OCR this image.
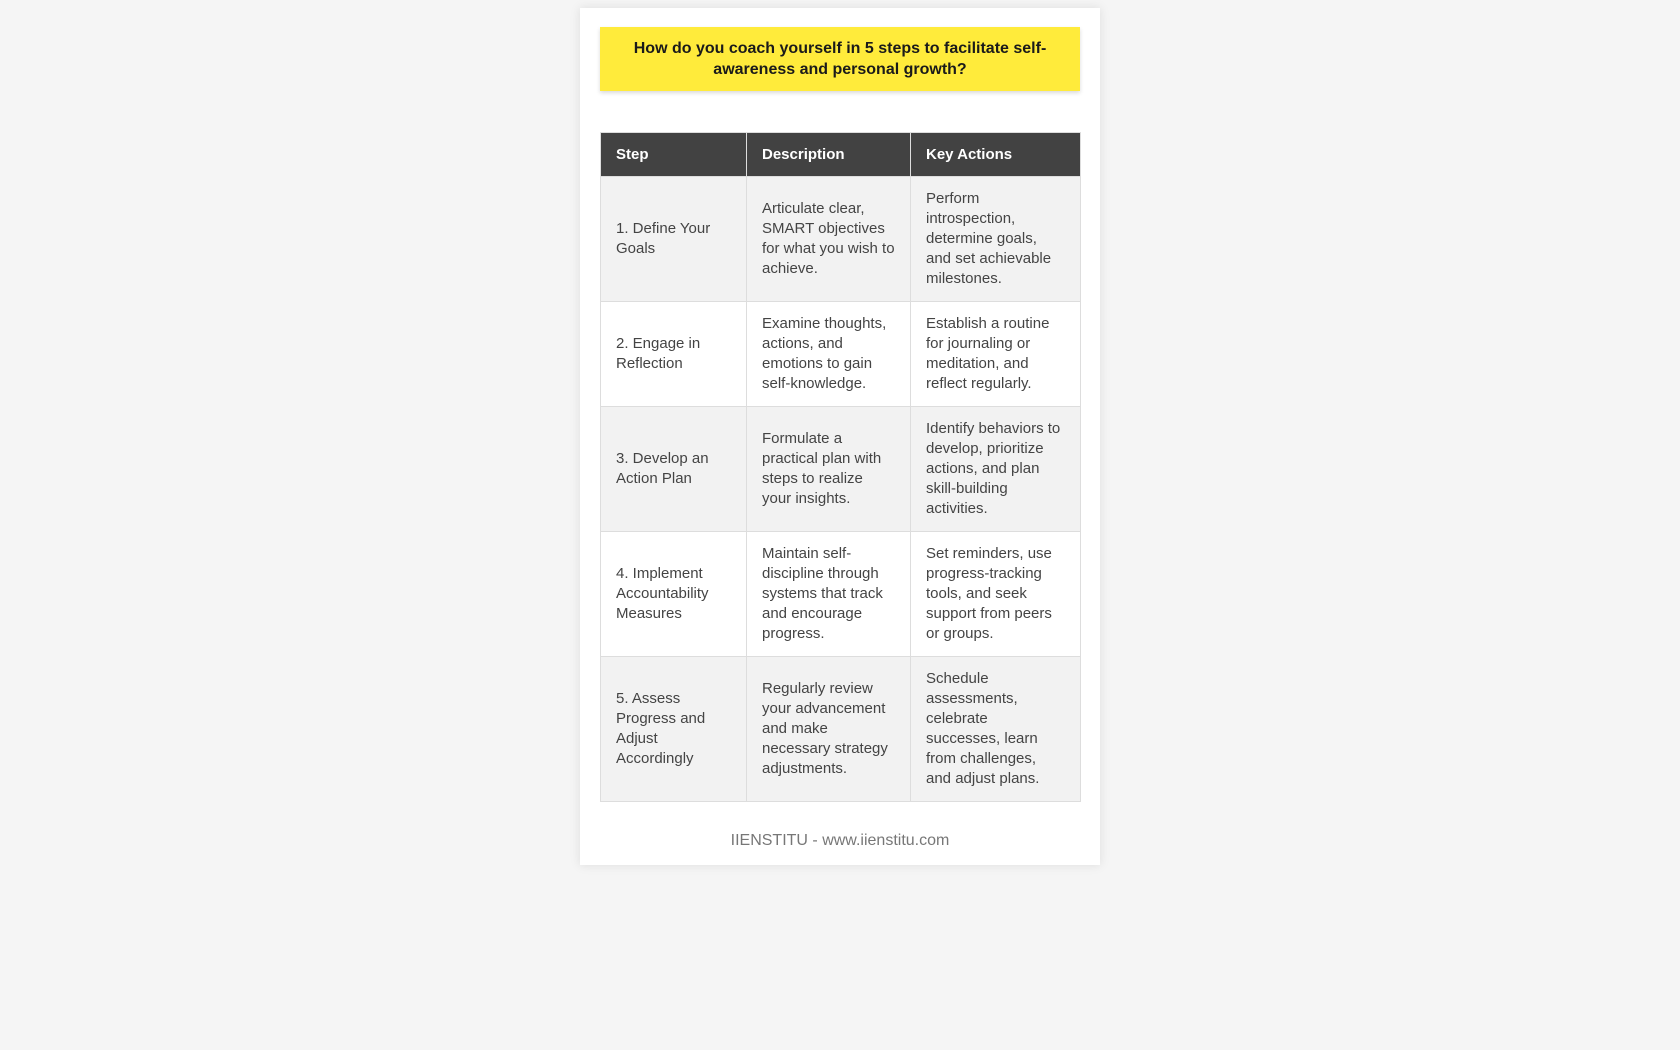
How do you coach yourself in 5 steps to facilitate self-awareness and personal growth?
Step	Description	Key Actions
1. Define Your Goals	Articulate clear, SMART objectives for what you wish to achieve.	Perform introspection, determine goals, and set achievable milestones.
2. Engage in Reflection	Examine thoughts, actions, and emotions to gain self-knowledge.	Establish a routine for journaling or meditation, and reflect regularly.
3. Develop an Action Plan	Formulate a practical plan with steps to realize your insights.	Identify behaviors to develop, prioritize actions, and plan skill-building activities.
4. Implement Accountability Measures	Maintain self-discipline through systems that track and encourage progress.	Set reminders, use progress-tracking tools, and seek support from peers or groups.
5. Assess Progress and Adjust Accordingly	Regularly review your advancement and make necessary strategy adjustments.	Schedule assessments, celebrate successes, learn from challenges, and adjust plans.
IIENSTITU - www.iienstitu.com
